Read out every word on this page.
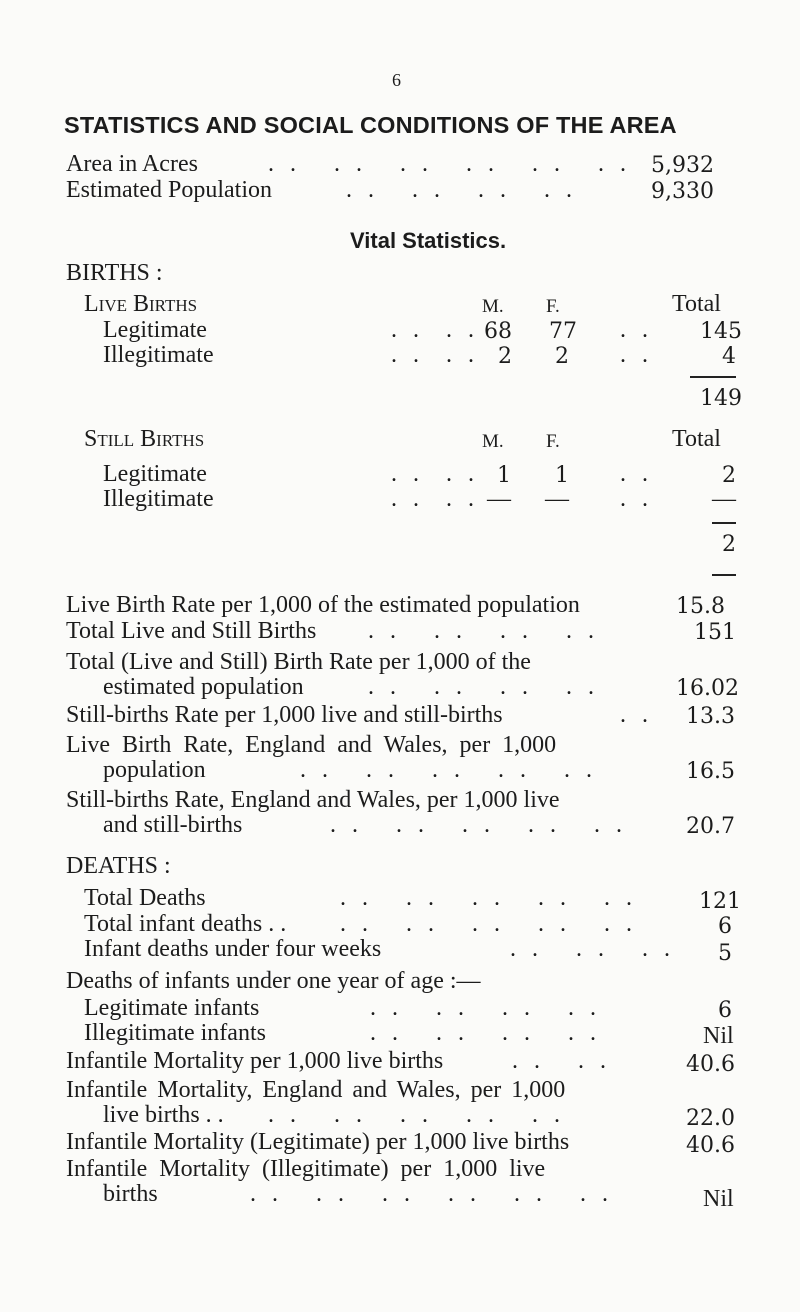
6
STATISTICS AND SOCIAL CONDITIONS OF THE AREA
Area in Acres	. .   . .   . .   . .   . .   . . 5,932
Estimated Population	. .   . .   . .   . .	9,330
Vital Statistics.
BIRTHS :
Live Births	M. F.	Total
Legitimate	. .  . . 68 77 . . 145
Illegitimate	. .  . . 2 2 . .	4
149
Still Births	M. F.	Total
Legitimate	. .  . . 1 1 . .	2
Illegitimate	. .  . . — — . . —
2
Live Birth Rate per 1,000 of the estimated population	15.8
Total Live and Still Births . .   . .   . .   . .	151
Total (Live and Still) Birth Rate per 1,000 of the
estimated population	. .   . .   . .   . .	16.02
Still-births Rate per 1,000 live and still-births	. . 13.3
Live Birth Rate, England and Wales, per 1,000
population	. .   . .   . .   . .   . .	16.5
Still-births Rate, England and Wales, per 1,000 live
and still-births	. .   . .   . .   . .   . .	20.7
DEATHS :
Total Deaths	. .   . .   . .   . .   . .	121
Total infant deaths . . . .   . .   . .   . .   . .	6
Infant deaths under four weeks	. .   . .   . . 5
Deaths of infants under one year of age :—
Legitimate infants	. .   . .   . .   . .	6
Illegitimate infants	. .   . .   . .   . .	Nil
Infantile Mortality per 1,000 live births	. .   . .	40.6
Infantile Mortality, England and Wales, per 1,000
live births . . . .   . .   . .   . .   . .	22.0
Infantile Mortality (Legitimate) per 1,000 live births	40.6
Infantile Mortality (Illegitimate) per 1,000 live
births	. .   . .   . .   . .   . .   . .	Nil
